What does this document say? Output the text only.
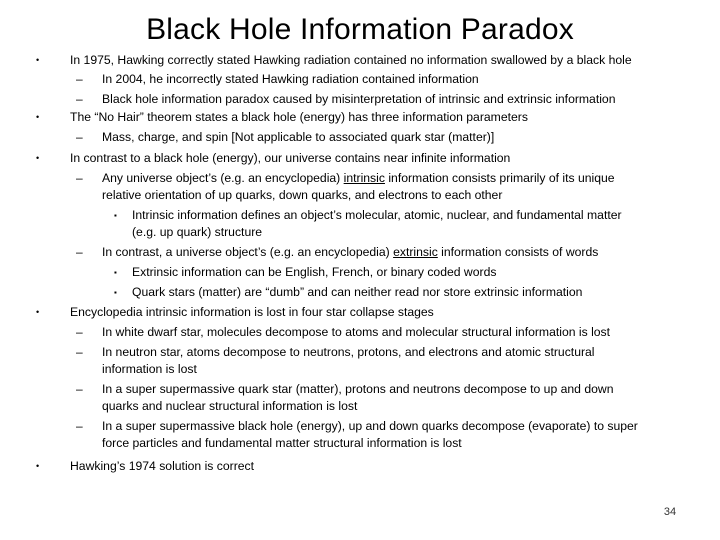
Black Hole Information Paradox
•
•
•
•
•
In 1975, Hawking correctly stated Hawking radiation contained no information swallowed by a black hole
– In 2004, he incorrectly stated Hawking radiation contained information
– Black hole information paradox caused by misinterpretation of intrinsic and extrinsic information
The “No Hair” theorem states a black hole (energy) has three information parameters
– Mass, charge, and spin [Not applicable to associated quark star (matter)]
In contrast to a black hole (energy), our universe contains near infinite information
– Any universe object’s (e.g. an encyclopedia) intrinsic information consists primarily of its unique
relative orientation of up quarks, down quarks, and electrons to each other
▪ Intrinsic information defines an object’s molecular, atomic, nuclear, and fundamental matter
(e.g. up quark) structure
– In contrast, a universe object’s (e.g. an encyclopedia) extrinsic information consists of words
▪ Extrinsic information can be English, French, or binary coded words
▪ Quark stars (matter) are “dumb” and can neither read nor store extrinsic information
Encyclopedia intrinsic information is lost in four star collapse stages
– In white dwarf star, molecules decompose to atoms and molecular structural information is lost
– In neutron star, atoms decompose to neutrons, protons, and electrons and atomic structural
information is lost
– In a super supermassive quark star (matter), protons and neutrons decompose to up and down
quarks and nuclear structural information is lost
– In a super supermassive black hole (energy), up and down quarks decompose (evaporate) to super
force particles and fundamental matter structural information is lost
Hawking’s 1974 solution is correct
34
